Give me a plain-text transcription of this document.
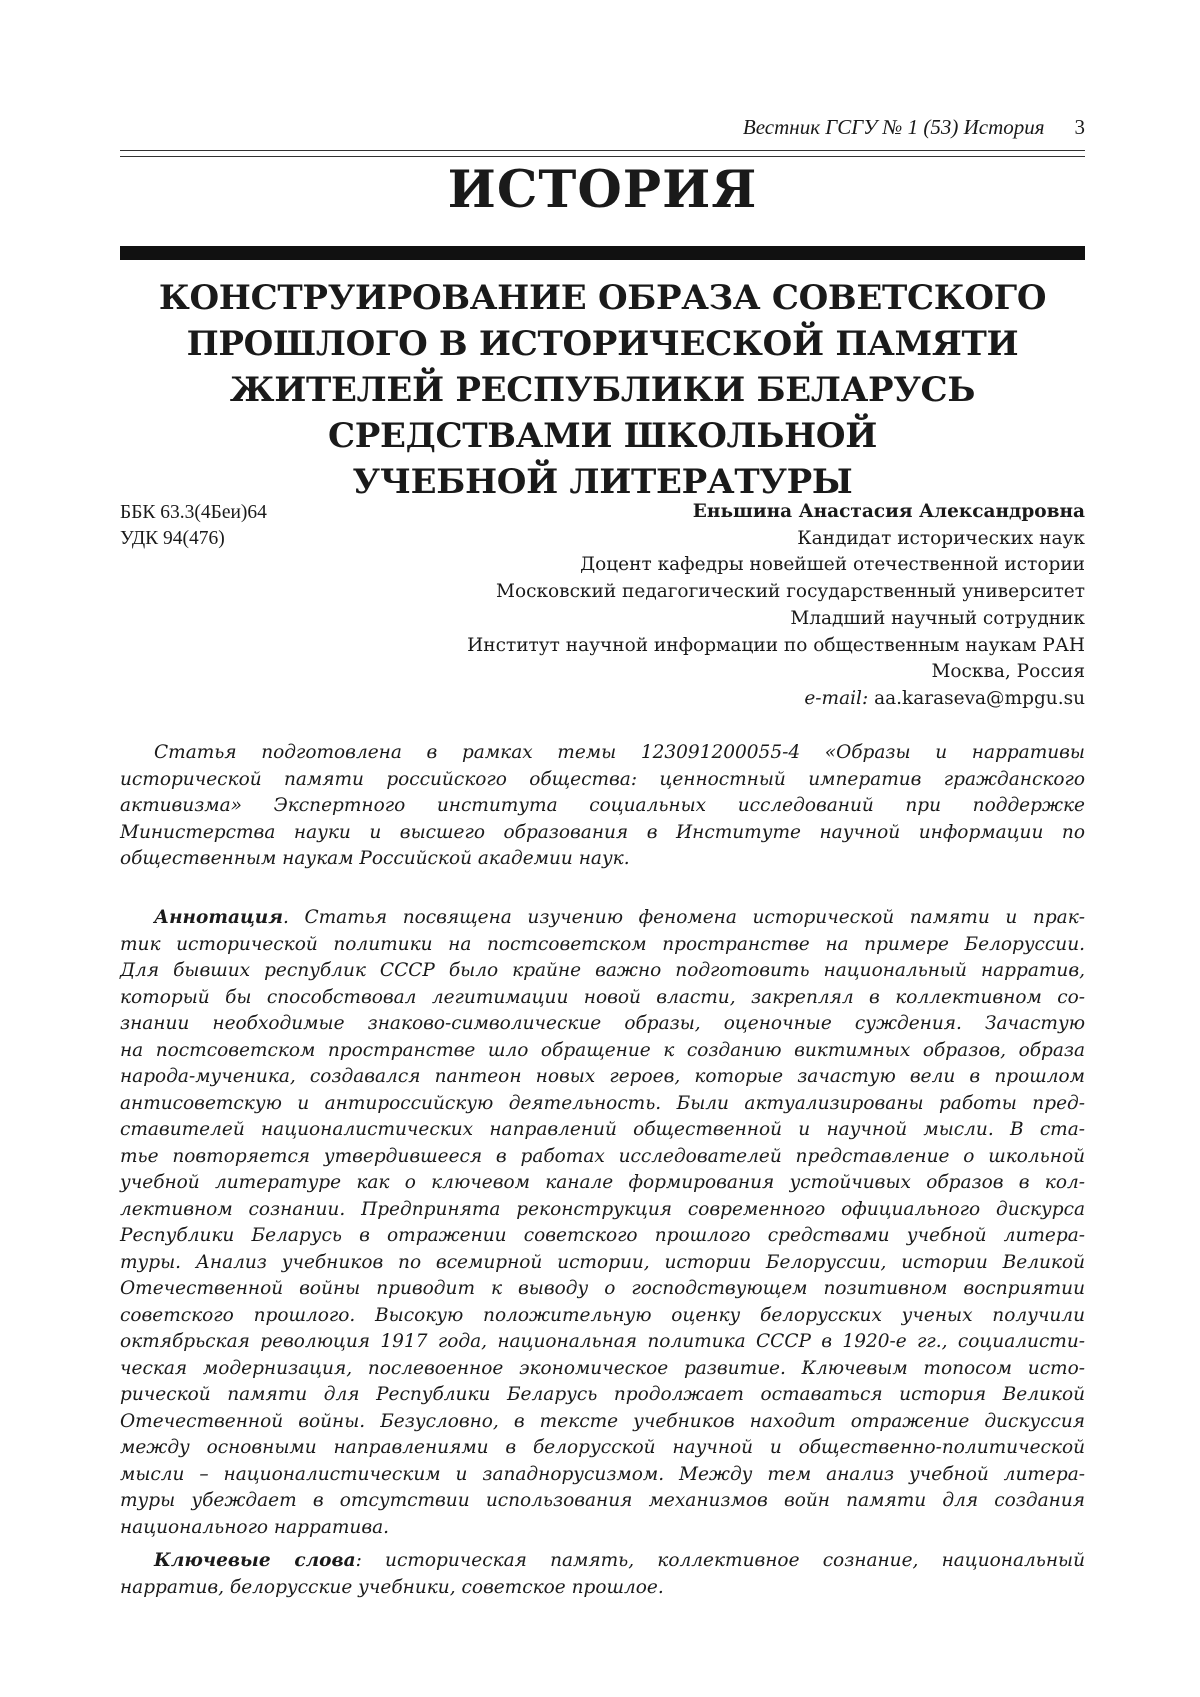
Вестник ГСГУ № 1 (53) История 3
ИСТОРИЯ
КОНСТРУИРОВАНИЕ ОБРАЗА СОВЕТСКОГО
ПРОШЛОГО В ИСТОРИЧЕСКОЙ ПАМЯТИ
ЖИТЕЛЕЙ РЕСПУБЛИКИ БЕЛАРУСЬ
СРЕДСТВАМИ ШКОЛЬНОЙ
УЧЕБНОЙ ЛИТЕРАТУРЫ
ББК 63.3(4Беи)64
УДК 94(476)
Еньшина Анастасия Александровна
Кандидат исторических наук
Доцент кафедры новейшей отечественной истории
Московский педагогический государственный университет
Младший научный сотрудник
Институт научной информации по общественным наукам РАН
Москва, Россия
e-mail: aa.karaseva@mpgu.su
Статья подготовлена в рамках темы 123091200055-4 «Образы и нарративы
исторической памяти российского общества: ценностный императив гражданского
активизма» Экспертного института социальных исследований при поддержке
Министерства науки и высшего образования в Институте научной информации по
общественным наукам Российской академии наук.
Аннотация. Статья посвящена изучению феномена исторической памяти и прак-
тик исторической политики на постсоветском пространстве на примере Белоруссии.
Для бывших республик СССР было крайне важно подготовить национальный нарратив,
который бы способствовал легитимации новой власти, закреплял в коллективном со-
знании необходимые знаково-символические образы, оценочные суждения. Зачастую
на постсоветском пространстве шло обращение к созданию виктимных образов, образа
народа-мученика, создавался пантеон новых героев, которые зачастую вели в прошлом
антисоветскую и антироссийскую деятельность. Были актуализированы работы пред-
ставителей националистических направлений общественной и научной мысли. В ста-
тье повторяется утвердившееся в работах исследователей представление о школьной
учебной литературе как о ключевом канале формирования устойчивых образов в кол-
лективном сознании. Предпринята реконструкция современного официального дискурса
Республики Беларусь в отражении советского прошлого средствами учебной литера-
туры. Анализ учебников по всемирной истории, истории Белоруссии, истории Великой
Отечественной войны приводит к выводу о господствующем позитивном восприятии
советского прошлого. Высокую положительную оценку белорусских ученых получили
октябрьская революция 1917 года, национальная политика СССР в 1920-е гг., социалисти-
ческая модернизация, послевоенное экономическое развитие. Ключевым топосом исто-
рической памяти для Республики Беларусь продолжает оставаться история Великой
Отечественной войны. Безусловно, в тексте учебников находит отражение дискуссия
между основными направлениями в белорусской научной и общественно-политической
мысли – националистическим и западнорусизмом. Между тем анализ учебной литера-
туры убеждает в отсутствии использования механизмов войн памяти для создания
национального нарратива.
Ключевые слова: историческая память, коллективное сознание, национальный
нарратив, белорусские учебники, советское прошлое.
